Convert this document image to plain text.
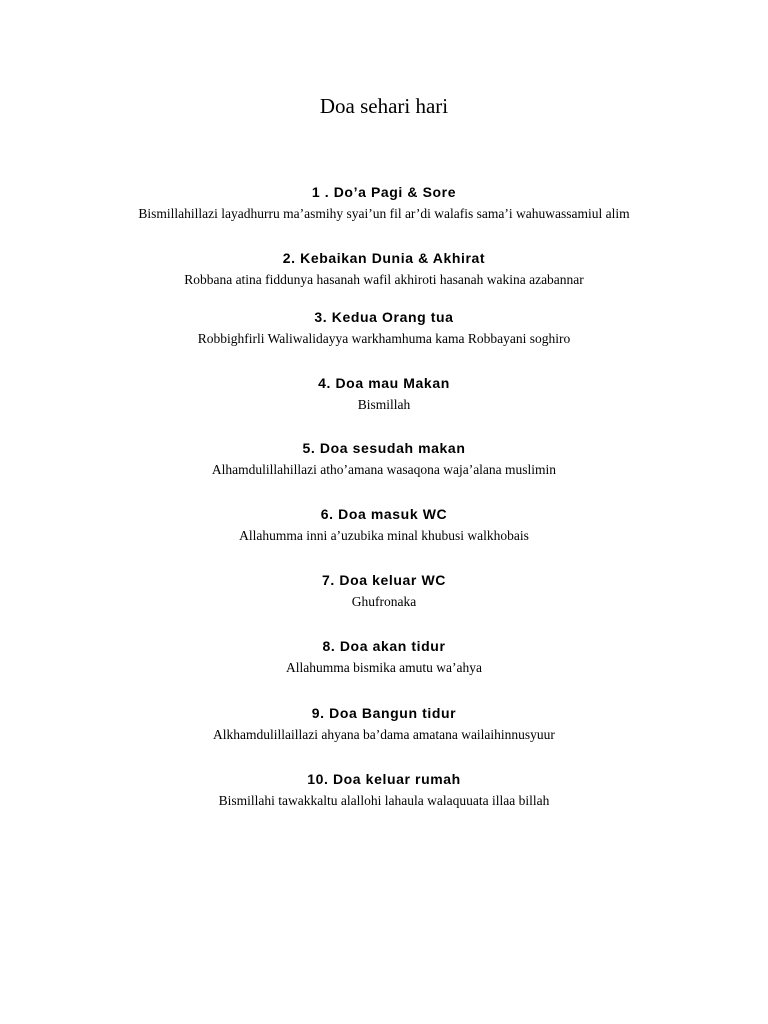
Doa sehari hari

1 . Do’a Pagi & Sore

Bismillahillazi layadhurru ma’asmihy syai’un fil ar’di walafis sama’i wahuwassamiul alim

2. Kebaikan Dunia & Akhirat

Robbana atina fiddunya hasanah wafil akhiroti hasanah wakina azabannar

3. Kedua Orang tua

Robbighfirli Waliwalidayya warkhamhuma kama Robbayani soghiro

4. Doa mau Makan

Bismillah

5. Doa sesudah makan

Alhamdulillahillazi atho’amana wasaqona waja’alana muslimin

6. Doa masuk WC

Allahumma inni a’uzubika minal khubusi walkhobais

7. Doa keluar WC

Ghufronaka

8. Doa akan tidur

Allahumma bismika amutu wa’ahya

9. Doa Bangun tidur

Alkhamdulillaillazi ahyana ba’dama amatana wailaihinnusyuur

10. Doa keluar rumah

Bismillahi tawakkaltu alallohi lahaula walaquuata illaa billah
